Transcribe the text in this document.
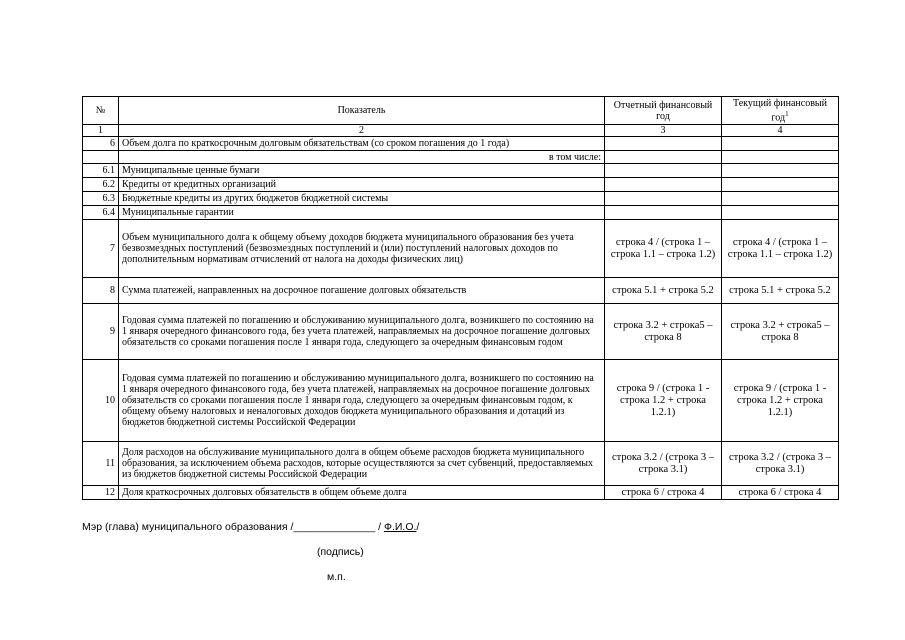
№	Показатель	Отчетный финансовый год	Текущий финансовый год$^1$
1	2	3	4
6	Объем долга по краткосрочным долговым обязательствам (со сроком погашения до 1 года)		
	в том числе:		
6.1	Муниципальные ценные бумаги		
6.2	Кредиты от кредитных организаций		
6.3	Бюджетные кредиты из других бюджетов бюджетной системы		
6.4	Муниципальные гарантии		
7	Объем муниципального долга к общему объему доходов бюджета муниципального образования без учета безвозмездных поступлений (безвозмездных поступлений и (или) поступлений налоговых доходов по дополнительным нормативам отчислений от налога на доходы физических лиц)	строка 4 / (строка 1 – строка 1.1 – строка 1.2)	строка 4 / (строка 1 – строка 1.1 – строка 1.2)
8	Сумма платежей, направленных на досрочное погашение долговых обязательств	строка 5.1 + строка 5.2	строка 5.1 + строка 5.2
9	Годовая сумма платежей по погашению и обслуживанию муниципального долга, возникшего по состоянию на 1 января очередного финансового года, без учета платежей, направляемых на досрочное погашение долговых обязательств со сроками погашения после 1 января года, следующего за очередным финансовым годом	строка 3.2 + строка5 – строка 8	строка 3.2 + строка5 – строка 8
10	Годовая сумма платежей по погашению и обслуживанию муниципального долга, возникшего по состоянию на 1 января очередного финансового года, без учета платежей, направляемых на досрочное погашение долговых обязательств со сроками погашения после 1 января года, следующего за очередным финансовым годом, к общему объему налоговых и неналоговых доходов бюджета муниципального образования и дотаций из бюджетов бюджетной системы Российской Федерации	строка 9 / (строка 1 - строка 1.2 + строка 1.2.1)	строка 9 / (строка 1 - строка 1.2 + строка 1.2.1)
11	Доля расходов на обслуживание муниципального долга в общем объеме расходов бюджета муниципального образования, за исключением объема расходов, которые осуществляются за счет субвенций, предоставляемых из бюджетов бюджетной системы Российской Федерации	строка 3.2 / (строка 3 – строка 3.1)	строка 3.2 / (строка 3 – строка 3.1)
12	Доля краткосрочных долговых обязательств в общем объеме долга	строка 6 / строка 4	строка 6 / строка 4
Мэр (глава) муниципального образования /______________ / Ф.И.О./
(подпись)
м.п.
